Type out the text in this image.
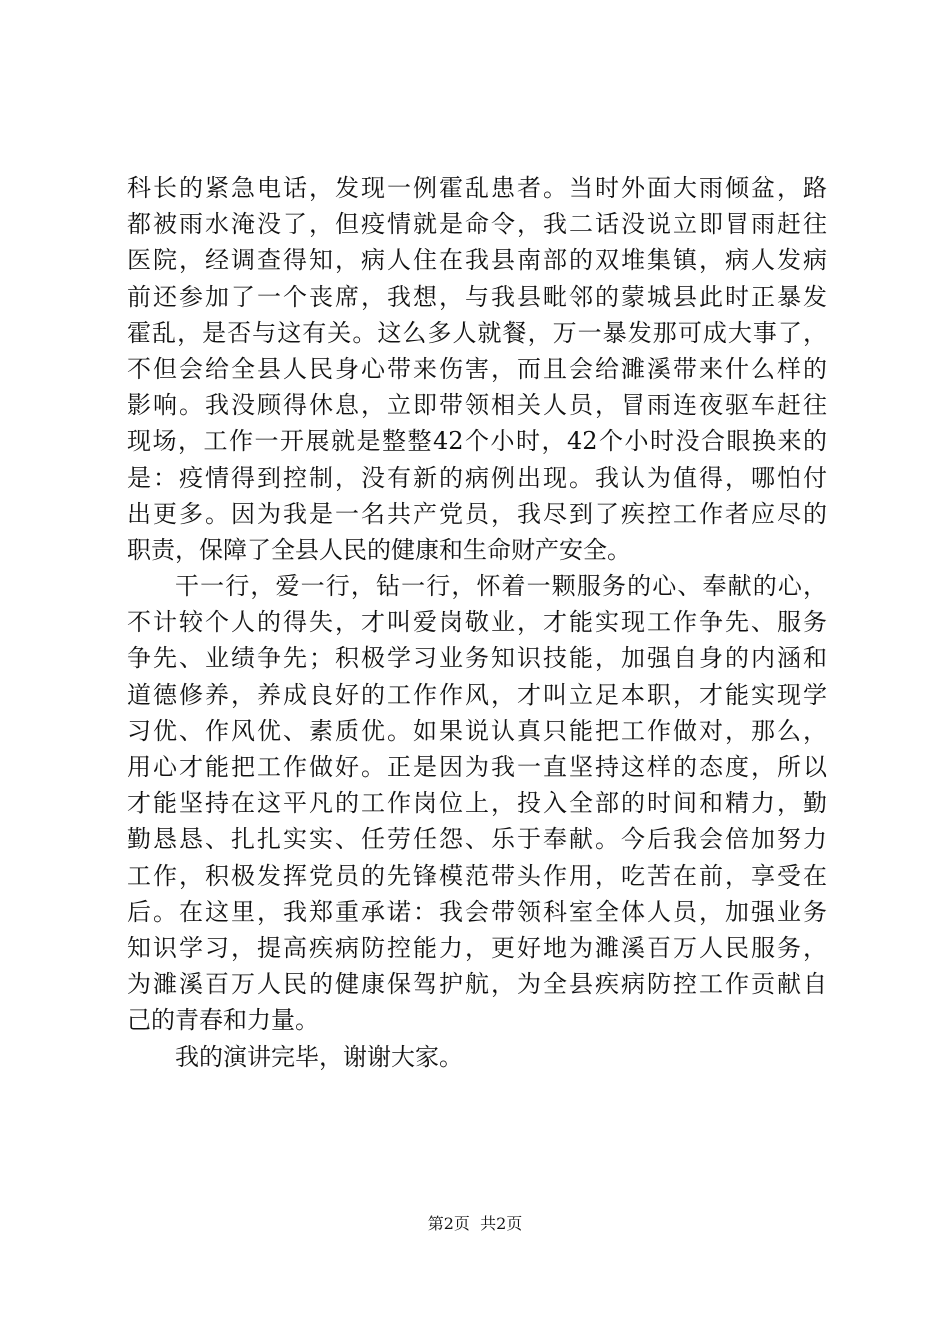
科长的紧急电话，发现一例霍乱患者。当时外面大雨倾盆，路
都被雨水淹没了，但疫情就是命令，我二话没说立即冒雨赶往
医院，经调查得知，病人住在我县南部的双堆集镇，病人发病
前还参加了一个丧席，我想，与我县毗邻的蒙城县此时正暴发
霍乱，是否与这有关。这么多人就餐，万一暴发那可成大事了，
不但会给全县人民身心带来伤害，而且会给濉溪带来什么样的
影响。我没顾得休息，立即带领相关人员，冒雨连夜驱车赶往
现场，工作一开展就是整整42个小时，42个小时没合眼换来的
是：疫情得到控制，没有新的病例出现。我认为值得，哪怕付
出更多。因为我是一名共产党员，我尽到了疾控工作者应尽的
职责，保障了全县人民的健康和生命财产安全。
干一行，爱一行，钻一行，怀着一颗服务的心、奉献的心，
不计较个人的得失，才叫爱岗敬业，才能实现工作争先、服务
争先、业绩争先；积极学习业务知识技能，加强自身的内涵和
道德修养，养成良好的工作作风，才叫立足本职，才能实现学
习优、作风优、素质优。如果说认真只能把工作做对，那么，
用心才能把工作做好。正是因为我一直坚持这样的态度，所以
才能坚持在这平凡的工作岗位上，投入全部的时间和精力，勤
勤恳恳、扎扎实实、任劳任怨、乐于奉献。今后我会倍加努力
工作，积极发挥党员的先锋模范带头作用，吃苦在前，享受在
后。在这里，我郑重承诺：我会带领科室全体人员，加强业务
知识学习，提高疾病防控能力，更好地为濉溪百万人民服务，
为濉溪百万人民的健康保驾护航，为全县疾病防控工作贡献自
己的青春和力量。
我的演讲完毕，谢谢大家。
第2页  共2页
